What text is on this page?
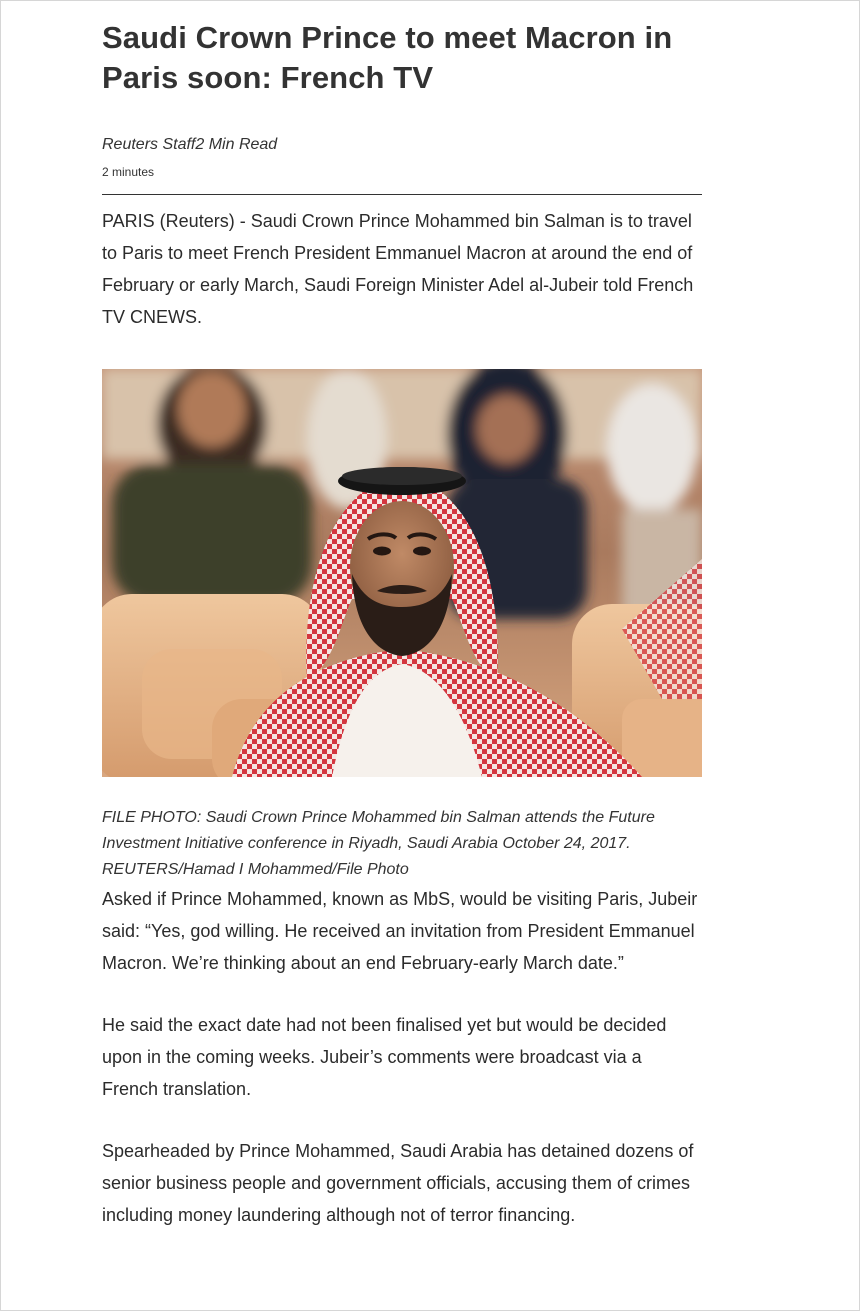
Saudi Crown Prince to meet Macron in Paris soon: French TV

Reuters Staff2 Min Read

2 minutes

PARIS (Reuters) - Saudi Crown Prince Mohammed bin Salman is to travel to Paris to meet French President Emmanuel Macron at around the end of February or early March, Saudi Foreign Minister Adel al-Jubeir told French TV CNEWS.

FILE PHOTO: Saudi Crown Prince Mohammed bin Salman attends the Future Investment Initiative conference in Riyadh, Saudi Arabia October 24, 2017. REUTERS/Hamad I Mohammed/File Photo

Asked if Prince Mohammed, known as MbS, would be visiting Paris, Jubeir said: “Yes, god willing. He received an invitation from President Emmanuel Macron. We’re thinking about an end February-early March date.”

He said the exact date had not been finalised yet but would be decided upon in the coming weeks. Jubeir’s comments were broadcast via a French translation.

Spearheaded by Prince Mohammed, Saudi Arabia has detained dozens of senior business people and government officials, accusing them of crimes including money laundering although not of terror financing.
